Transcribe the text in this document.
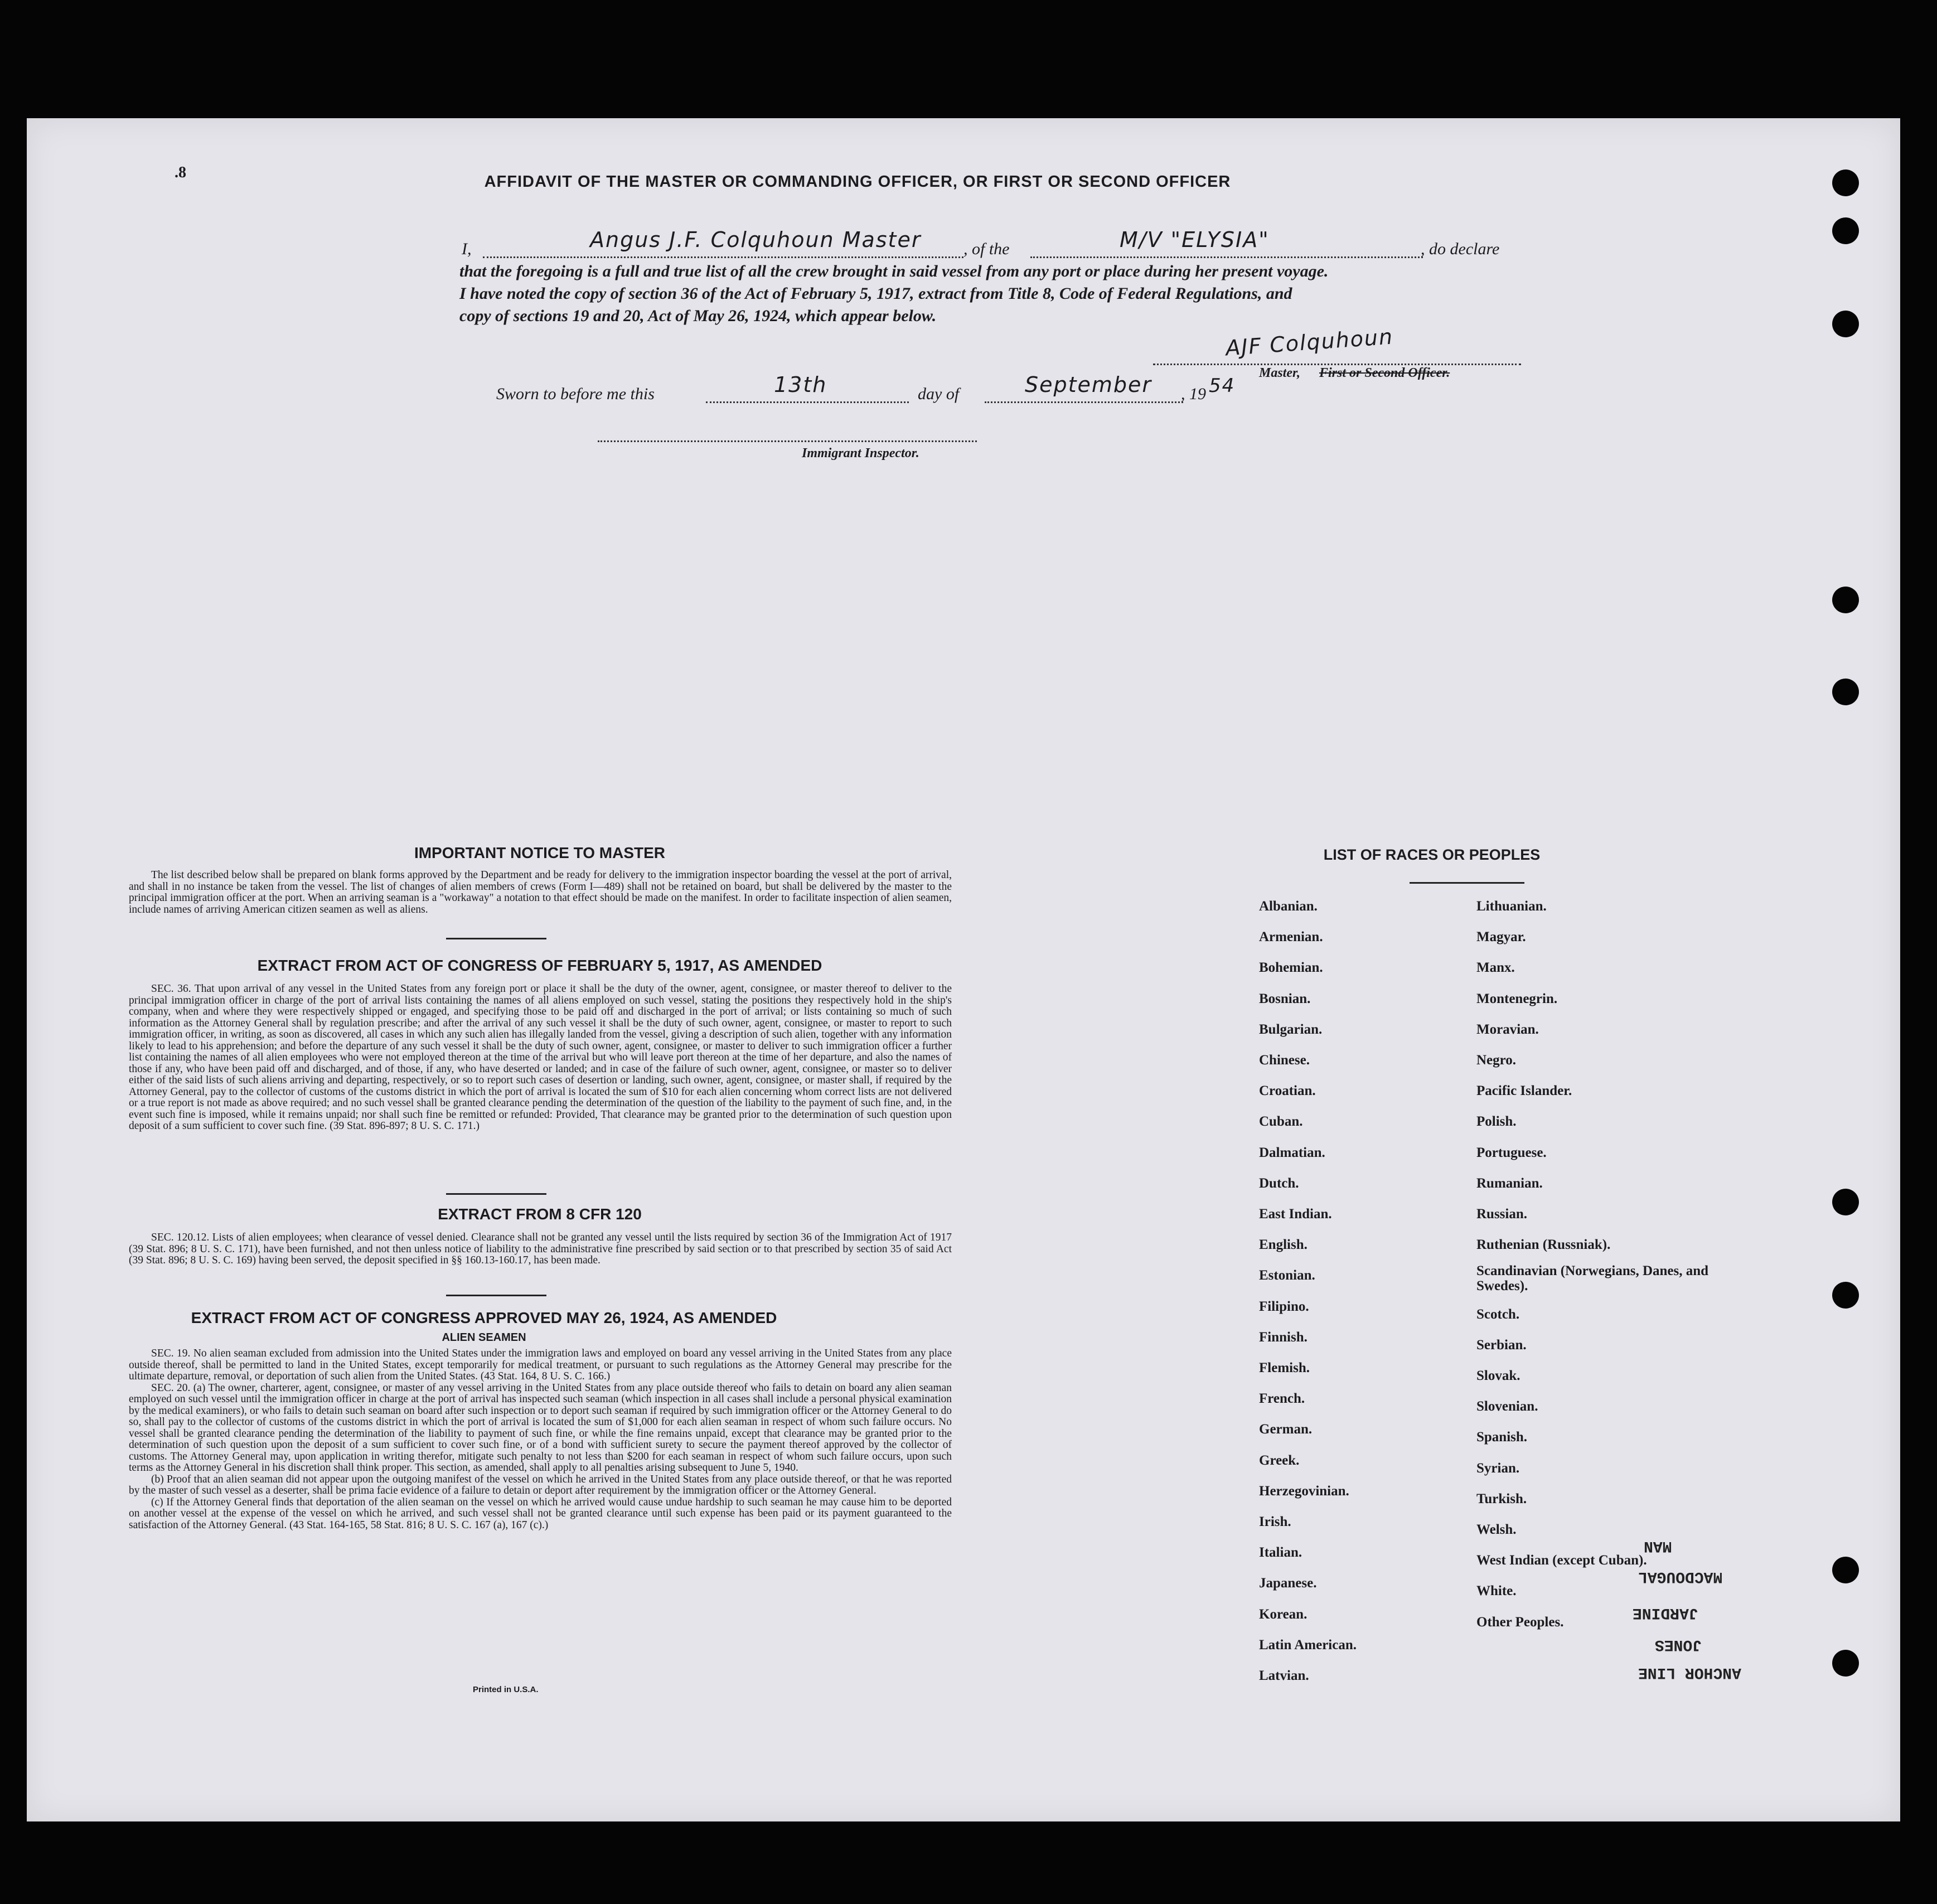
.8
AFFIDAVIT OF THE MASTER OR COMMANDING OFFICER, OR FIRST OR SECOND OFFICER
I,	Angus J.F. Colquhoun Master	, of the	M/V "ELYSIA"	, do declare
that the foregoing is a full and true list of all the crew brought in said vessel from any port or place during her present voyage.
I have noted the copy of section 36 of the Act of February 5, 1917, extract from Title 8, Code of Federal Regulations, and
copy of sections 19 and 20, Act of May 26, 1924, which appear below.
AJF Colquhoun
Master, First or Second Officer.
Sworn to before me this	13th	day of	September , 19 54
Immigrant Inspector.
IMPORTANT NOTICE TO MASTER

The list described below shall be prepared on blank forms approved by the Department and be ready for delivery to the immigration inspector boarding the vessel at the port of arrival, and shall in no instance be taken from the vessel. The list of changes of alien members of crews (Form I—489) shall not be retained on board, but shall be delivered by the master to the principal immigration officer at the port. When an arriving seaman is a "workaway" a notation to that effect should be made on the manifest. In order to facilitate inspection of alien seamen, include names of arriving American citizen seamen as well as aliens.

EXTRACT FROM ACT OF CONGRESS OF FEBRUARY 5, 1917, AS AMENDED

SEC. 36. That upon arrival of any vessel in the United States from any foreign port or place it shall be the duty of the owner, agent, consignee, or master thereof to deliver to the principal immigration officer in charge of the port of arrival lists containing the names of all aliens employed on such vessel, stating the positions they respectively hold in the ship's company, when and where they were respectively shipped or engaged, and specifying those to be paid off and discharged in the port of arrival; or lists containing so much of such information as the Attorney General shall by regulation prescribe; and after the arrival of any such vessel it shall be the duty of such owner, agent, consignee, or master to report to such immigration officer, in writing, as soon as discovered, all cases in which any such alien has illegally landed from the vessel, giving a description of such alien, together with any information likely to lead to his apprehension; and before the departure of any such vessel it shall be the duty of such owner, agent, consignee, or master to deliver to such immigration officer a further list containing the names of all alien employees who were not employed thereon at the time of the arrival but who will leave port thereon at the time of her departure, and also the names of those if any, who have been paid off and discharged, and of those, if any, who have deserted or landed; and in case of the failure of such owner, agent, consignee, or master so to deliver either of the said lists of such aliens arriving and departing, respectively, or so to report such cases of desertion or landing, such owner, agent, consignee, or master shall, if required by the Attorney General, pay to the collector of customs of the customs district in which the port of arrival is located the sum of $10 for each alien concerning whom correct lists are not delivered or a true report is not made as above required; and no such vessel shall be granted clearance pending the determination of the question of the liability to the payment of such fine, and, in the event such fine is imposed, while it remains unpaid; nor shall such fine be remitted or refunded: Provided, That clearance may be granted prior to the determination of such question upon deposit of a sum sufficient to cover such fine. (39 Stat. 896-897; 8 U. S. C. 171.)

EXTRACT FROM 8 CFR 120

SEC. 120.12. Lists of alien employees; when clearance of vessel denied. Clearance shall not be granted any vessel until the lists required by section 36 of the Immigration Act of 1917 (39 Stat. 896; 8 U. S. C. 171), have been furnished, and not then unless notice of liability to the administrative fine prescribed by said section or to that prescribed by section 35 of said Act (39 Stat. 896; 8 U. S. C. 169) having been served, the deposit specified in §§ 160.13-160.17, has been made.

EXTRACT FROM ACT OF CONGRESS APPROVED MAY 26, 1924, AS AMENDED
ALIEN SEAMEN

SEC. 19. No alien seaman excluded from admission into the United States under the immigration laws and employed on board any vessel arriving in the United States from any place outside thereof, shall be permitted to land in the United States, except temporarily for medical treatment, or pursuant to such regulations as the Attorney General may prescribe for the ultimate departure, removal, or deportation of such alien from the United States. (43 Stat. 164, 8 U. S. C. 166.)

SEC. 20. (a) The owner, charterer, agent, consignee, or master of any vessel arriving in the United States from any place outside thereof who fails to detain on board any alien seaman employed on such vessel until the immigration officer in charge at the port of arrival has inspected such seaman (which inspection in all cases shall include a personal physical examination by the medical examiners), or who fails to detain such seaman on board after such inspection or to deport such seaman if required by such immigration officer or the Attorney General to do so, shall pay to the collector of customs of the customs district in which the port of arrival is located the sum of $1,000 for each alien seaman in respect of whom such failure occurs. No vessel shall be granted clearance pending the determination of the liability to payment of such fine, or while the fine remains unpaid, except that clearance may be granted prior to the determination of such question upon the deposit of a sum sufficient to cover such fine, or of a bond with sufficient surety to secure the payment thereof approved by the collector of customs. The Attorney General may, upon application in writing therefor, mitigate such penalty to not less than $200 for each seaman in respect of whom such failure occurs, upon such terms as the Attorney General in his discretion shall think proper. This section, as amended, shall apply to all penalties arising subsequent to June 5, 1940.

(b) Proof that an alien seaman did not appear upon the outgoing manifest of the vessel on which he arrived in the United States from any place outside thereof, or that he was reported by the master of such vessel as a deserter, shall be prima facie evidence of a failure to detain or deport after requirement by the immigration officer or the Attorney General.

(c) If the Attorney General finds that deportation of the alien seaman on the vessel on which he arrived would cause undue hardship to such seaman he may cause him to be deported on another vessel at the expense of the vessel on which he arrived, and such vessel shall not be granted clearance until such expense has been paid or its payment guaranteed to the satisfaction of the Attorney General. (43 Stat. 164-165, 58 Stat. 816; 8 U. S. C. 167 (a), 167 (c).)

Printed in U.S.A.
LIST OF RACES OR PEOPLES
Albanian.
Armenian.
Bohemian.
Bosnian.
Bulgarian.
Chinese.
Croatian.
Cuban.
Dalmatian.
Dutch.
East Indian.
English.
Estonian.
Filipino.
Finnish.
Flemish.
French.
German.
Greek.
Herzegovinian.
Irish.
Italian.
Japanese.
Korean.
Latin American.
Latvian.
Lithuanian.
Magyar.
Manx.
Montenegrin.
Moravian.
Negro.
Pacific Islander.
Polish.
Portuguese.
Rumanian.
Russian.
Ruthenian (Russniak).
Scandinavian (Norwegians, Danes, and Swedes).
Scotch.
Serbian.
Slovak.
Slovenian.
Spanish.
Syrian.
Turkish.
Welsh.
West Indian (except Cuban).
White.
Other Peoples.
MAN
MACDOUGAL
JARDINE
JONES
ANCHOR LINE
